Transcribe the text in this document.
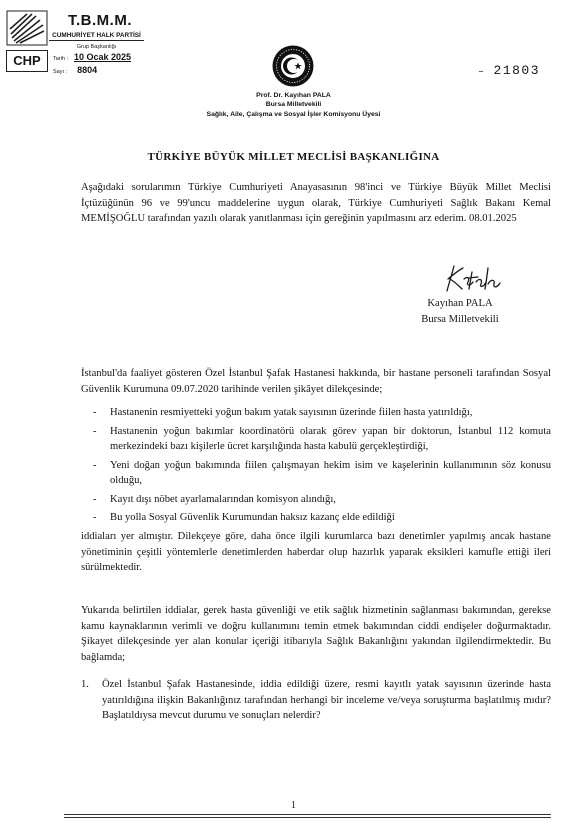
T.B.M.M.
CUMHURİYET HALK PARTİSİ
Grup Başkanlığı
CHP	Tarih : 10 Ocak 2025
Sayı : 8804
Prof. Dr. Kayıhan PALA
Bursa Milletvekili
Sağlık, Aile, Çalışma ve Sosyal İşler Komisyonu Üyesi
– 21803
TÜRKİYE BÜYÜK MİLLET MECLİSİ BAŞKANLIĞINA

Aşağıdaki sorularımın Türkiye Cumhuriyeti Anayasasının 98'inci ve Türkiye Büyük Millet Meclisi İçtüzüğünün 96 ve 99'uncu maddelerine uygun olarak, Türkiye Cumhuriyeti Sağlık Bakanı Kemal MEMİŞOĞLU tarafından yazılı olarak yanıtlanması için gereğinin yapılmasını arz ederim. 08.01.2025

Kayıhan PALA
Bursa Milletvekili

İstanbul'da faaliyet gösteren Özel İstanbul Şafak Hastanesi hakkında, bir hastane personeli tarafından Sosyal Güvenlik Kurumuna 09.07.2020 tarihinde verilen şikâyet dilekçesinde;

- Hastanenin resmiyetteki yoğun bakım yatak sayısının üzerinde fiilen hasta yatırıldığı,
- Hastanenin yoğun bakımlar koordinatörü olarak görev yapan bir doktorun, İstanbul 112 komuta merkezindeki bazı kişilerle ücret karşılığında hasta kabulü gerçekleştirdiği,
- Yeni doğan yoğun bakımında fiilen çalışmayan hekim isim ve kaşelerinin kullanımının söz konusu olduğu,
- Kayıt dışı nöbet ayarlamalarından komisyon alındığı,
- Bu yolla Sosyal Güvenlik Kurumundan haksız kazanç elde edildiği

iddiaları yer almıştır. Dilekçeye göre, daha önce ilgili kurumlarca bazı denetimler yapılmış ancak hastane yönetiminin çeşitli yöntemlerle denetimlerden haberdar olup hazırlık yaparak eksikleri kamufle ettiği ileri sürülmektedir.

Yukarıda belirtilen iddialar, gerek hasta güvenliği ve etik sağlık hizmetinin sağlanması bakımından, gerekse kamu kaynaklarının verimli ve doğru kullanımını temin etmek bakımından ciddi endişeler doğurmaktadır. Şikayet dilekçesinde yer alan konular içeriği itibarıyla Sağlık Bakanlığını yakından ilgilendirmektedir. Bu bağlamda;

1. Özel İstanbul Şafak Hastanesinde, iddia edildiği üzere, resmi kayıtlı yatak sayısının üzerinde hasta yatırıldığına ilişkin Bakanlığınız tarafından herhangi bir inceleme ve/veya soruşturma başlatılmış mıdır? Başlatıldıysa mevcut durumu ve sonuçları nelerdir?
1
